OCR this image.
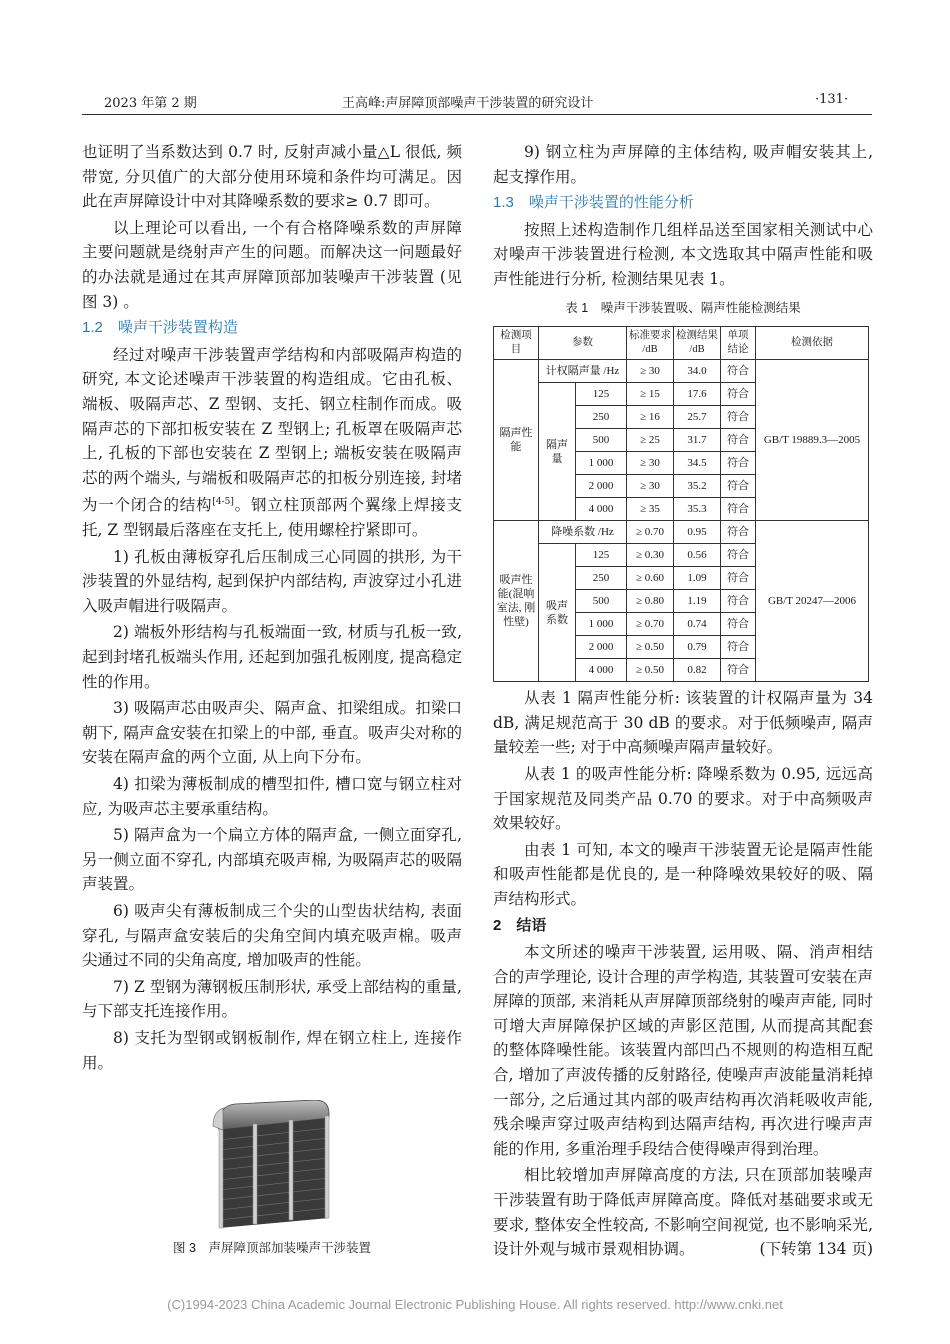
2023 年第 2 期	王高峰:声屏障顶部噪声干涉装置的研究设计	·131·

也证明了当系数达到 0.7 时, 反射声减小量△L 很低, 频带宽, 分贝值广的大部分使用环境和条件均可满足。因此在声屏障设计中对其降噪系数的要求≥ 0.7 即可。

以上理论可以看出, 一个有合格降噪系数的声屏障主要问题就是绕射声产生的问题。而解决这一问题最好的办法就是通过在其声屏障顶部加装噪声干涉装置 (见图 3) 。

1.2　噪声干涉装置构造

经过对噪声干涉装置声学结构和内部吸隔声构造的研究, 本文论述噪声干涉装置的构造组成。它由孔板、端板、吸隔声芯、Z 型钢、支托、钢立柱制作而成。吸隔声芯的下部扣板安装在 Z 型钢上; 孔板罩在吸隔声芯上, 孔板的下部也安装在 Z 型钢上; 端板安装在吸隔声芯的两个端头, 与端板和吸隔声芯的扣板分别连接, 封堵为一个闭合的结构[4-5]。钢立柱顶部两个翼缘上焊接支托, Z 型钢最后落座在支托上, 使用螺栓拧紧即可。

1) 孔板由薄板穿孔后压制成三心同圆的拱形, 为干涉装置的外显结构, 起到保护内部结构, 声波穿过小孔进入吸声帽进行吸隔声。

2) 端板外形结构与孔板端面一致, 材质与孔板一致, 起到封堵孔板端头作用, 还起到加强孔板刚度, 提高稳定性的作用。

3) 吸隔声芯由吸声尖、隔声盒、扣梁组成。扣梁口朝下, 隔声盒安装在扣梁上的中部, 垂直。吸声尖对称的安装在隔声盒的两个立面, 从上向下分布。

4) 扣梁为薄板制成的槽型扣件, 槽口宽与钢立柱对应, 为吸声芯主要承重结构。

5) 隔声盒为一个扁立方体的隔声盒, 一侧立面穿孔, 另一侧立面不穿孔, 内部填充吸声棉, 为吸隔声芯的吸隔声装置。

6) 吸声尖有薄板制成三个尖的山型齿状结构, 表面穿孔, 与隔声盒安装后的尖角空间内填充吸声棉。吸声尖通过不同的尖角高度, 增加吸声的性能。

7) Z 型钢为薄钢板压制形状, 承受上部结构的重量, 与下部支托连接作用。

8) 支托为型钢或钢板制作, 焊在钢立柱上, 连接作用。

图 3　声屏障顶部加装噪声干涉装置

9) 钢立柱为声屏障的主体结构, 吸声帽安装其上, 起支撑作用。

1.3　噪声干涉装置的性能分析

按照上述构造制作几组样品送至国家相关测试中心对噪声干涉装置进行检测, 本文选取其中隔声性能和吸声性能进行分析, 检测结果见表 1。

表 1　噪声干涉装置吸、隔声性能检测结果
检测项目	参数		标准要求 /dB	检测结果 /dB	单项结论	检测依据
隔声性能	计权隔声量 /Hz		≥ 30	34.0	符合	GB/T 19889.3—2005
	隔声量	125	≥ 15	17.6	符合	
		250	≥ 16	25.7	符合	
		500	≥ 25	31.7	符合	
		1 000	≥ 30	34.5	符合	
		2 000	≥ 30	35.2	符合	
		4 000	≥ 35	35.3	符合	
吸声性能(混响室法, 刚性壁)	降噪系数 /Hz		≥ 0.70	0.95	符合	GB/T 20247—2006
	吸声系数	125	≥ 0.30	0.56	符合	
		250	≥ 0.60	1.09	符合	
		500	≥ 0.80	1.19	符合	
		1 000	≥ 0.70	0.74	符合	
		2 000	≥ 0.50	0.79	符合	
		4 000	≥ 0.50	0.82	符合	

从表 1 隔声性能分析: 该装置的计权隔声量为 34 dB, 满足规范高于 30 dB 的要求。对于低频噪声, 隔声量较差一些; 对于中高频噪声隔声量较好。

从表 1 的吸声性能分析: 降噪系数为 0.95, 远远高于国家规范及同类产品 0.70 的要求。对于中高频吸声效果较好。

由表 1 可知, 本文的噪声干涉装置无论是隔声性能和吸声性能都是优良的, 是一种降噪效果较好的吸、隔声结构形式。

2　结语

本文所述的噪声干涉装置, 运用吸、隔、消声相结合的声学理论, 设计合理的声学构造, 其装置可安装在声屏障的顶部, 来消耗从声屏障顶部绕射的噪声声能, 同时可增大声屏障保护区域的声影区范围, 从而提高其配套的整体降噪性能。该装置内部凹凸不规则的构造相互配合, 增加了声波传播的反射路径, 使噪声声波能量消耗掉一部分, 之后通过其内部的吸声结构再次消耗吸收声能, 残余噪声穿过吸声结构到达隔声结构, 再次进行噪声声能的作用, 多重治理手段结合使得噪声得到治理。

相比较增加声屏障高度的方法, 只在顶部加装噪声干涉装置有助于降低声屏障高度。降低对基础要求或无要求, 整体安全性较高, 不影响空间视觉, 也不影响采光, 设计外观与城市景观相协调。	(下转第 134 页)

(C)1994-2023 China Academic Journal Electronic Publishing House. All rights reserved. http://www.cnki.net
